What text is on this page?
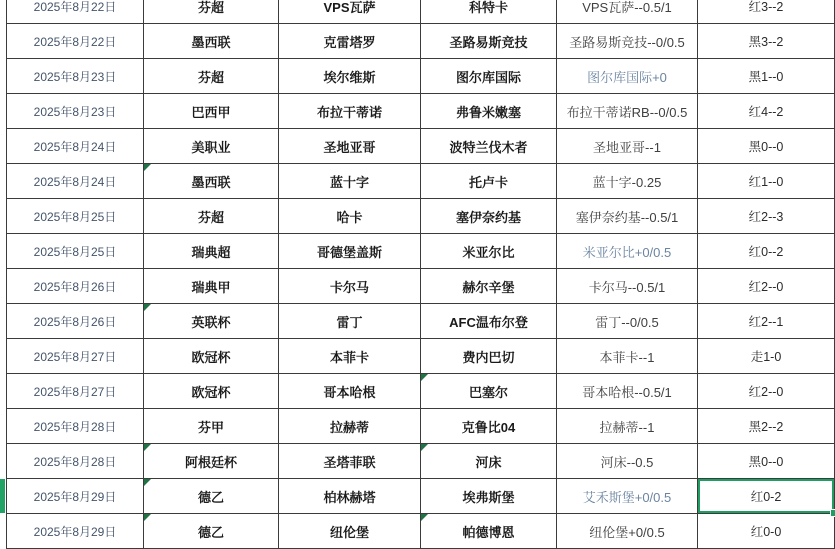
2025年8月22日	芬超	VPS瓦萨	科特卡	VPS瓦萨--0.5/1	红3--2
2025年8月22日	墨西联	克雷塔罗	圣路易斯竞技	圣路易斯竞技--0/0.5	黑3--2
2025年8月23日	芬超	埃尔维斯	图尔库国际	图尔库国际+0	黑1--0
2025年8月23日	巴西甲	布拉干蒂诺	弗鲁米嫩塞	布拉干蒂诺RB--0/0.5	红4--2
2025年8月24日	美职业	圣地亚哥	波特兰伐木者	圣地亚哥--1	黑0--0
2025年8月24日	墨西联	蓝十字	托卢卡	蓝十字-0.25	红1--0
2025年8月25日	芬超	哈卡	塞伊奈约基	塞伊奈约基--0.5/1	红2--3
2025年8月25日	瑞典超	哥德堡盖斯	米亚尔比	米亚尔比+0/0.5	红0--2
2025年8月26日	瑞典甲	卡尔马	赫尔辛堡	卡尔马--0.5/1	红2--0
2025年8月26日	英联杯	雷丁	AFC温布尔登	雷丁--0/0.5	红2--1
2025年8月27日	欧冠杯	本菲卡	费内巴切	本菲卡--1	走1-0
2025年8月27日	欧冠杯	哥本哈根	巴塞尔	哥本哈根--0.5/1	红2--0
2025年8月28日	芬甲	拉赫蒂	克鲁比04	拉赫蒂--1	黑2--2
2025年8月28日	阿根廷杯	圣塔菲联	河床	河床--0.5	黑0--0
2025年8月29日	德乙	柏林赫塔	埃弗斯堡	艾禾斯堡+0/0.5	红0-2

2025年8月29日	德乙	纽伦堡	帕德博恩	纽伦堡+0/0.5	红0-0
